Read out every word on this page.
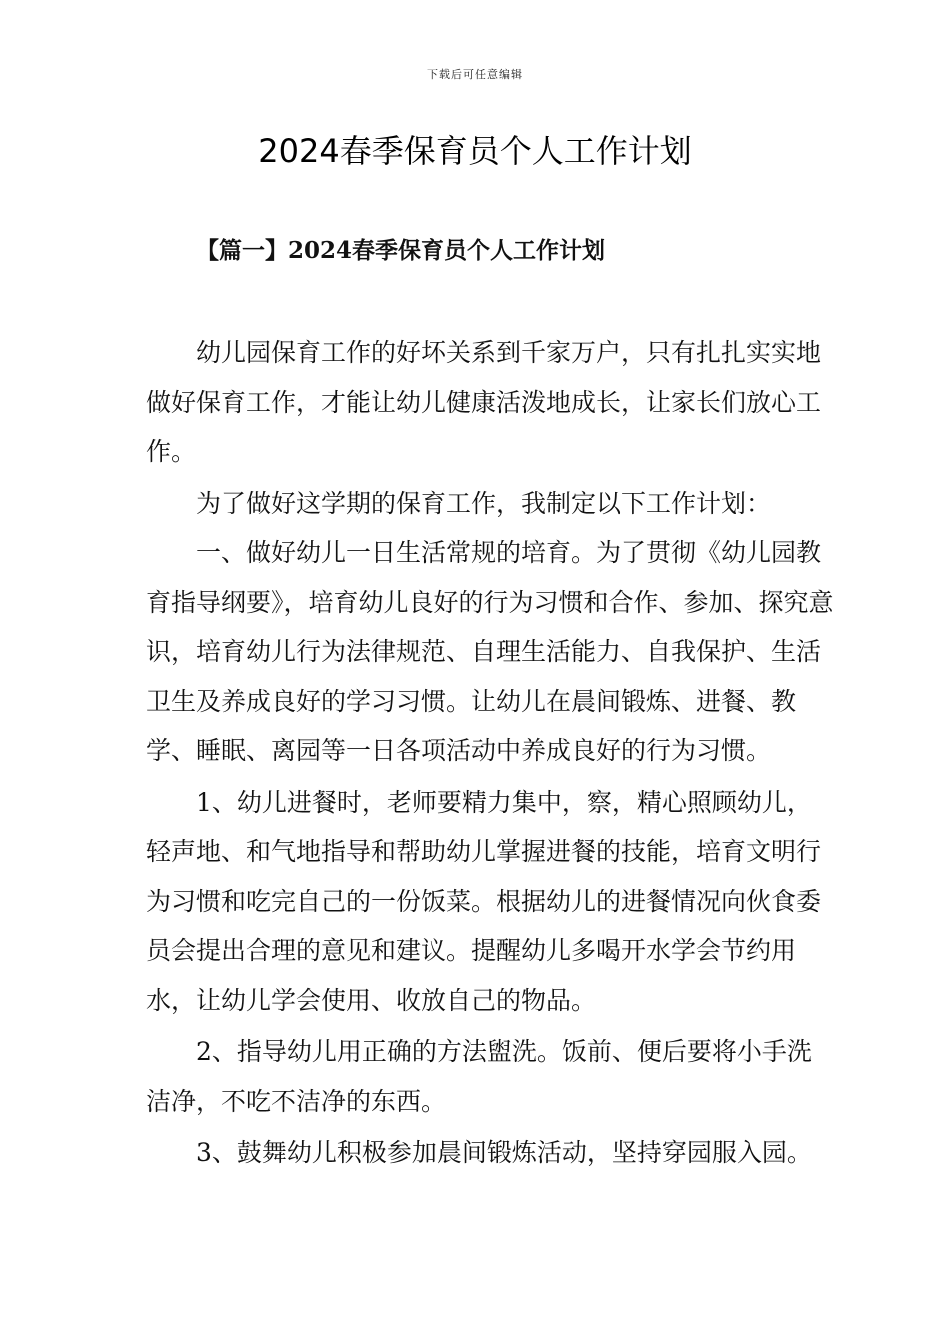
下载后可任意编辑
2024春季保育员个人工作计划
【篇一】2024春季保育员个人工作计划

幼儿园保育工作的好坏关系到千家万户，只有扎扎实实地做好保育工作，才能让幼儿健康活泼地成长，让家长们放心工作。

为了做好这学期的保育工作，我制定以下工作计划：

一、做好幼儿一日生活常规的培育。为了贯彻《幼儿园教育指导纲要》，培育幼儿良好的行为习惯和合作、参加、探究意识，培育幼儿行为法律规范、自理生活能力、自我保护、生活卫生及养成良好的学习习惯。让幼儿在晨间锻炼、进餐、教学、睡眠、离园等一日各项活动中养成良好的行为习惯。

1、幼儿进餐时，老师要精力集中，察，精心照顾幼儿，轻声地、和气地指导和帮助幼儿掌握进餐的技能，培育文明行为习惯和吃完自己的一份饭菜。根据幼儿的进餐情况向伙食委员会提出合理的意见和建议。提醒幼儿多喝开水学会节约用水，让幼儿学会使用、收放自己的物品。

2、指导幼儿用正确的方法盥洗。饭前、便后要将小手洗洁净，不吃不洁净的东西。

3、鼓舞幼儿积极参加晨间锻炼活动，坚持穿园服入园。
